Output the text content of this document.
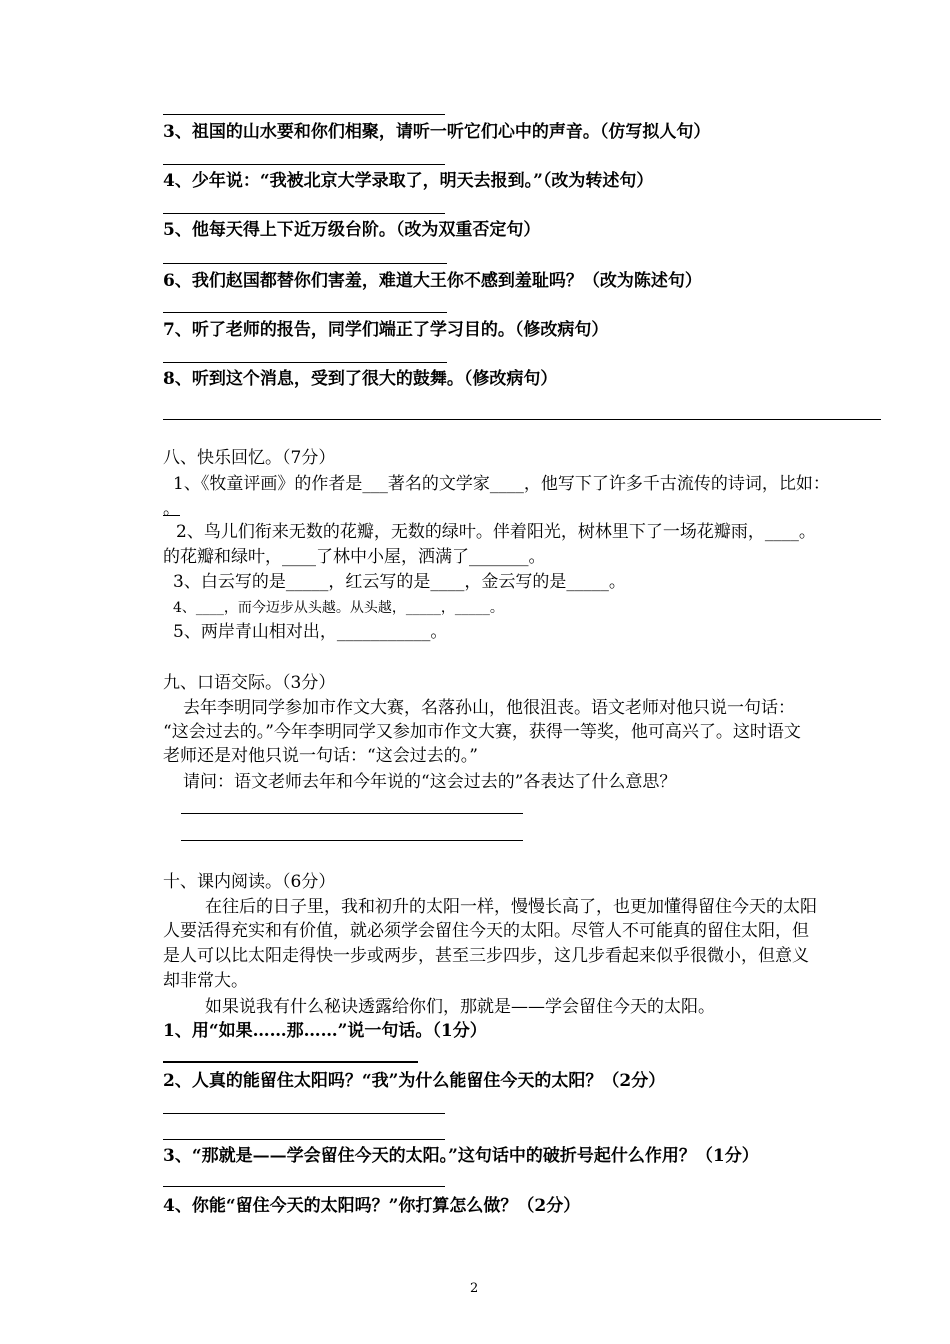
3、祖国的山水要和你们相聚，请听一听它们心中的声音。（仿写拟人句）
4、少年说：“我被北京大学录取了，明天去报到。”（改为转述句）
5、他每天得上下近万级台阶。（改为双重否定句）
6、我们赵国都替你们害羞，难道大王你不感到羞耻吗？（改为陈述句）
7、听了老师的报告，同学们端正了学习目的。（修改病句）
8、听到这个消息，受到了很大的鼓舞。（修改病句）
八、快乐回忆。（7分）
1、《牧童评画》的作者是___著名的文学家____，他写下了许多千古流传的诗词，比如：
。
2、鸟儿们衔来无数的花瓣，无数的绿叶。伴着阳光，树林里下了一场花瓣雨，____。
的花瓣和绿叶，____了林中小屋，洒满了_______。
3、白云写的是_____，红云写的是____，金云写的是_____。
4、____，而今迈步从头越。从头越，_____，_____。
5、两岸青山相对出，___________。
九、口语交际。（3分）
去年李明同学参加市作文大赛，名落孙山，他很沮丧。语文老师对他只说一句话：
“这会过去的。”今年李明同学又参加市作文大赛，获得一等奖，他可高兴了。这时语文
老师还是对他只说一句话：“这会过去的。”
请问：语文老师去年和今年说的“这会过去的”各表达了什么意思？
十、课内阅读。（6分）
在往后的日子里，我和初升的太阳一样，慢慢长高了，也更加懂得留住今天的太阳
人要活得充实和有价值，就必须学会留住今天的太阳。尽管人不可能真的留住太阳，但
是人可以比太阳走得快一步或两步，甚至三步四步，这几步看起来似乎很微小，但意义
却非常大。
如果说我有什么秘诀透露给你们，那就是——学会留住今天的太阳。
1、用“如果……那……”说一句话。（1分）
2、人真的能留住太阳吗？“我”为什么能留住今天的太阳？（2分）
3、“那就是——学会留住今天的太阳。”这句话中的破折号起什么作用？（1分）
4、你能“留住今天的太阳吗？”你打算怎么做？（2分）
2
